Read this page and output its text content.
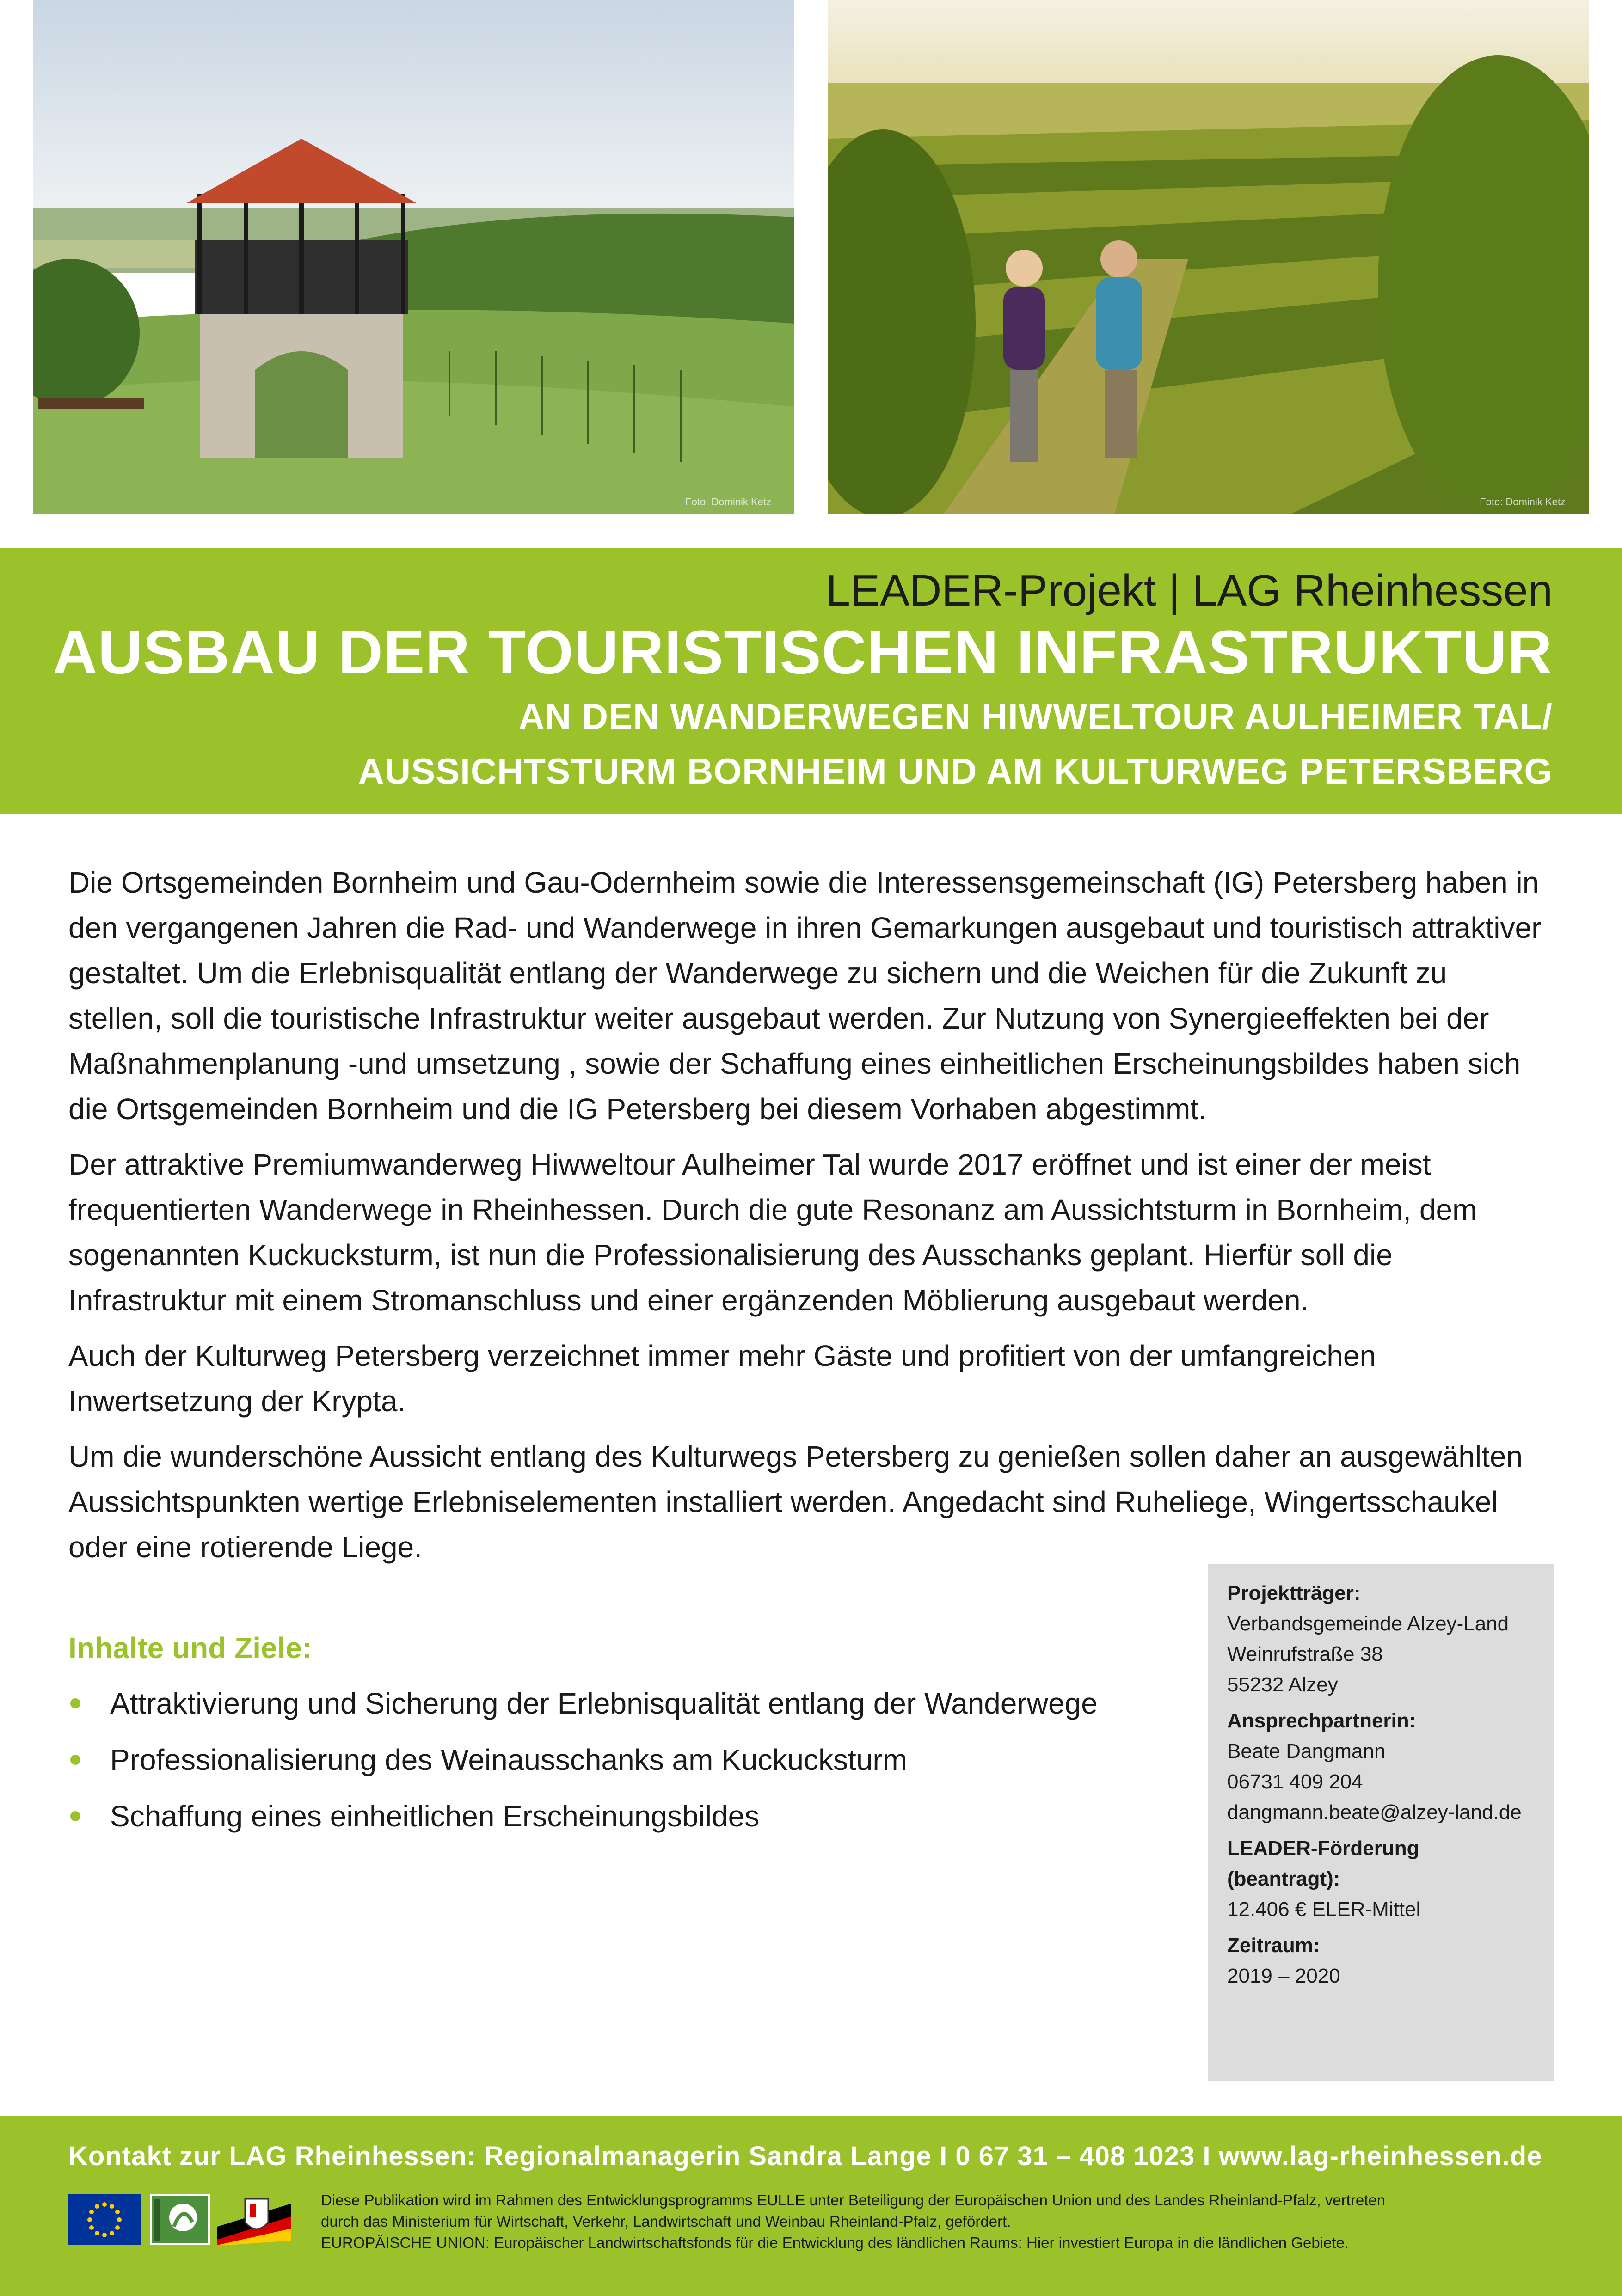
Foto: Dominik Ketz	Foto: Dominik Ketz
LEADER-Projekt | LAG Rheinhessen
AUSBAU DER TOURISTISCHEN INFRASTRUKTUR
AN DEN WANDERWEGEN HIWWELTOUR AULHEIMER TAL/
AUSSICHTSTURM BORNHEIM UND AM KULTURWEG PETERSBERG

Die Ortsgemeinden Bornheim und Gau-Odernheim sowie die Interessensgemeinschaft (IG) Petersberg haben in den vergangenen Jahren die Rad- und Wanderwege in ihren Gemarkungen ausgebaut und touristisch attraktiver gestaltet. Um die Erlebnisqualität entlang der Wanderwege zu sichern und die Weichen für die Zukunft zu stellen, soll die touristische Infrastruktur weiter ausgebaut werden. Zur Nutzung von Synergieeffekten bei der Maßnahmenplanung -und umsetzung , sowie der Schaffung eines einheitlichen Erscheinungsbildes haben sich die Ortsgemeinden Bornheim und die IG Petersberg bei diesem Vorhaben abgestimmt.

Der attraktive Premiumwanderweg Hiwweltour Aulheimer Tal wurde 2017 eröffnet und ist einer der meist frequentierten Wanderwege in Rheinhessen. Durch die gute Resonanz am Aussichtsturm in Bornheim, dem sogenannten Kuckucksturm, ist nun die Professionalisierung des Ausschanks geplant. Hierfür soll die Infrastruktur mit einem Stromanschluss und einer ergänzenden Möblierung ausgebaut werden.

Auch der Kulturweg Petersberg verzeichnet immer mehr Gäste und profitiert von der umfangreichen Inwertsetzung der Krypta.

Um die wunderschöne Aussicht entlang des Kulturwegs Petersberg zu genießen sollen daher an ausgewählten Aussichtspunkten wertige Erlebniselementen installiert werden. Angedacht sind Ruheliege, Wingertsschaukel oder eine rotierende Liege.

Projektträger:
Verbandsgemeinde Alzey-Land
Weinrufstraße 38
55232 Alzey
Ansprechpartnerin:
Beate Dangmann
06731 409 204
dangmann.beate@alzey-land.de
LEADER-Förderung (beantragt):
12.406 € ELER-Mittel
Zeitraum:
2019 – 2020
Inhalte und Ziele:
Attraktivierung und Sicherung der Erlebnisqualität entlang der Wanderwege
Professionalisierung des Weinausschanks am Kuckucksturm
Schaffung eines einheitlichen Erscheinungsbildes
Kontakt zur LAG Rheinhessen: Regionalmanagerin Sandra Lange I 0 67 31 – 408 1023 I www.lag-rheinhessen.de
Diese Publikation wird im Rahmen des Entwicklungsprogramms EULLE unter Beteiligung der Europäischen Union und des Landes Rheinland-Pfalz, vertreten
durch das Ministerium für Wirtschaft, Verkehr, Landwirtschaft und Weinbau Rheinland-Pfalz, gefördert.
EUROPÄISCHE UNION: Europäischer Landwirtschaftsfonds für die Entwicklung des ländlichen Raums: Hier investiert Europa in die ländlichen Gebiete.
